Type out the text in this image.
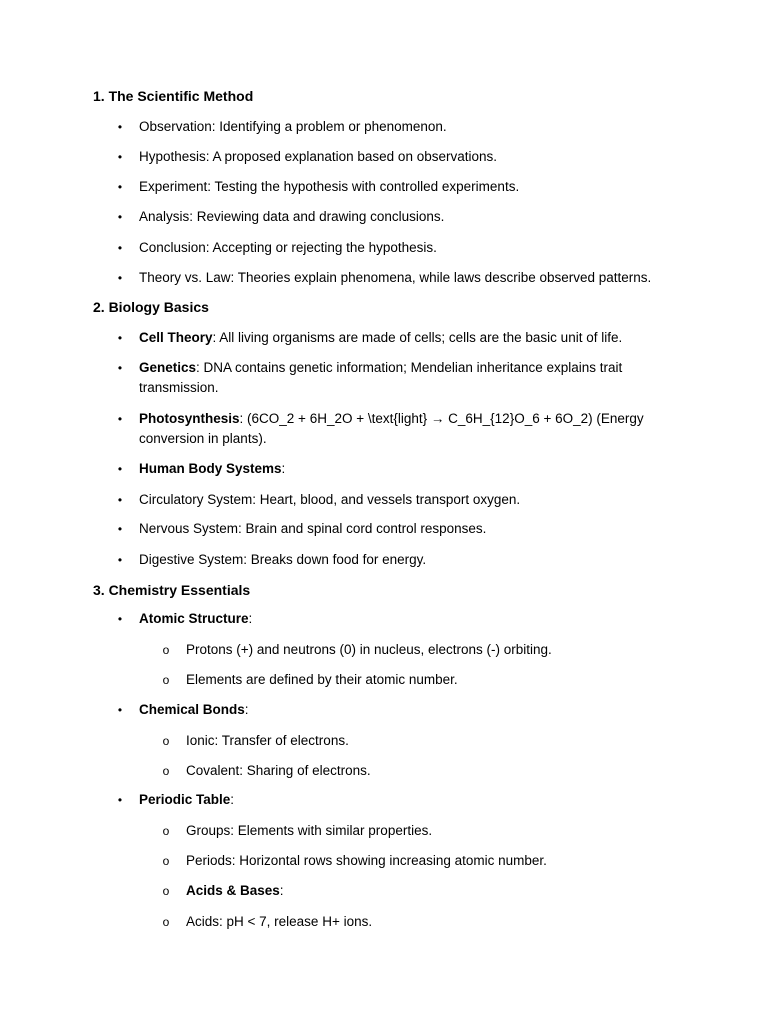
1. The Scientific Method
• Observation: Identifying a problem or phenomenon.
• Hypothesis: A proposed explanation based on observations.
• Experiment: Testing the hypothesis with controlled experiments.
• Analysis: Reviewing data and drawing conclusions.
• Conclusion: Accepting or rejecting the hypothesis.
• Theory vs. Law: Theories explain phenomena, while laws describe observed patterns.
2. Biology Basics
• Cell Theory: All living organisms are made of cells; cells are the basic unit of life.
• Genetics: DNA contains genetic information; Mendelian inheritance explains trait
transmission.
• Photosynthesis: (6CO_2 + 6H_2O + \text{light} → C_6H_{12}O_6 + 6O_2) (Energy
conversion in plants).
• Human Body Systems:
• Circulatory System: Heart, blood, and vessels transport oxygen.
• Nervous System: Brain and spinal cord control responses.
• Digestive System: Breaks down food for energy.
3. Chemistry Essentials
• Atomic Structure:
o Protons (+) and neutrons (0) in nucleus, electrons (-) orbiting.
o Elements are defined by their atomic number.
• Chemical Bonds:
o Ionic: Transfer of electrons.
o Covalent: Sharing of electrons.
• Periodic Table:
o Groups: Elements with similar properties.
o Periods: Horizontal rows showing increasing atomic number.
o Acids & Bases:
o Acids: pH < 7, release H+ ions.
